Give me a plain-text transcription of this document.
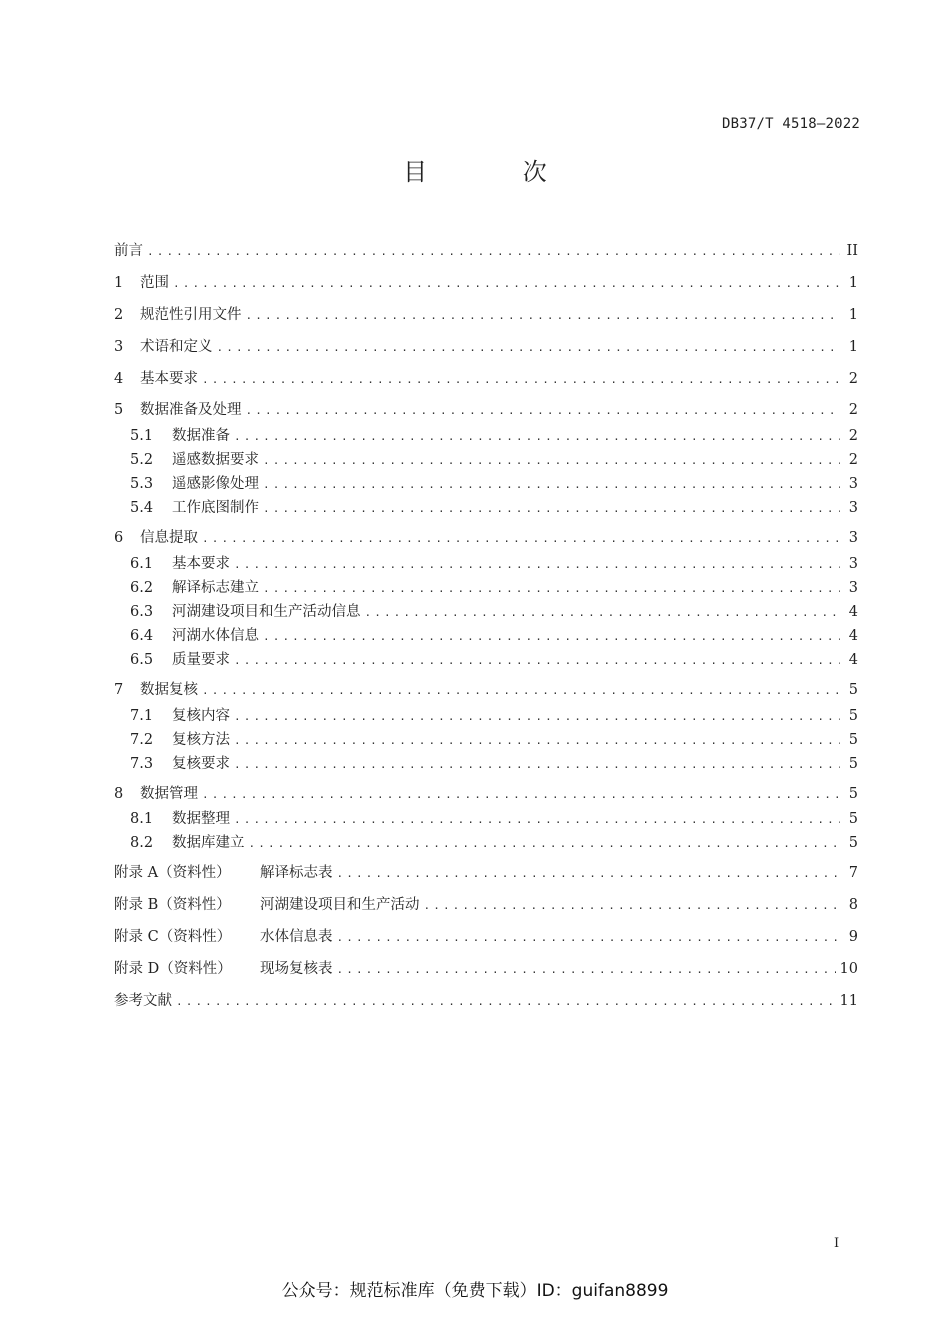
DB37/T 4518—2022
目 次
前言 .....	II
1	范围 .....	1
2	规范性引用文件 .....	1
3	术语和定义 .....	1
4	基本要求 .....	2
5	数据准备及处理 .....	2
5.1	数据准备 .....	2
5.2	遥感数据要求 .....	2
5.3	遥感影像处理 .....	3
5.4	工作底图制作 .....	3
6	信息提取 .....	3
6.1	基本要求 .....	3
6.2	解译标志建立 .....	3
6.3	河湖建设项目和生产活动信息 .....	4
6.4	河湖水体信息 .....	4
6.5	质量要求 .....	4
7	数据复核 .....	5
7.1	复核内容 .....	5
7.2	复核方法 .....	5
7.3	复核要求 .....	5
8	数据管理 .....	5
8.1	数据整理 .....	5
8.2	数据库建立 .....	5
附录 A（资料性）	解译标志表 .....	7
附录 B（资料性）	河湖建设项目和生产活动 .....	8
附录 C（资料性）	水体信息表 .....	9
附录 D（资料性）	现场复核表 .....	10
参考文献 .....	11
I
公众号：规范标准库（免费下载）ID：guifan8899
